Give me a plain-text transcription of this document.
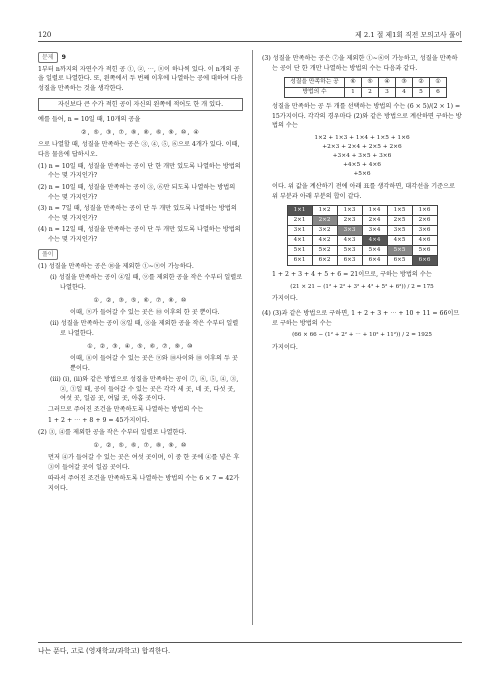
120	제 2.1 절 제1회 직전 모의고사 풀이
문제 9

1부터 n까지의 자연수가 적힌 공 ①, ②, ⋯, ⓝ이 하나씩 있다. 이 n개의 공을 일렬로 나열한다. 또, 왼쪽에서 두 번째 이후에 나열하는 공에 대하여 다음 성질을 만족하는 것을 생각한다.

자신보다 큰 수가 적힌 공이 자신의 왼쪽에 적어도 한 개 있다.

예를 들어, n = 10일 때, 10개의 공을

②, ⑤, ③, ⑦, ⑧, ⑧, ⑥, ⑨, ⑩, ④

으로 나열할 때, 성질을 만족하는 공은 ③, ④, ⑤, ⑥으로 4개가 있다. 이때, 다음 물음에 답하시오.

(1) n = 10일 때, 성질을 만족하는 공이 단 한 개만 있도록 나열하는 방법의 수는 몇 가지인가?

(2) n = 10일 때, 성질을 만족하는 공이 ③, ⑥만 되도록 나열하는 방법의 수는 몇 가지인가?

(3) n = 7일 때, 성질을 만족하는 공이 단 두 개만 있도록 나열하는 방법의 수는 몇 가지인가?

(4) n = 12일 때, 성질을 만족하는 공이 단 두 개만 있도록 나열하는 방법의 수는 몇 가지인가?

풀이

(1) 성질을 만족하는 공은 ⑩을 제외한 ①~⑨이 가능하다.

(i) 성질을 만족하는 공이 ④일 때, ⑨를 제외한 공을 작은 수부터 일렬로 나열한다.

①, ②, ③, ⑤, ⑥, ⑦, ⑧, ⑩

이때, ⑨가 들어갈 수 있는 곳은 ⑩ 이후의 한 곳 뿐이다.

(ii) 성질을 만족하는 공이 ⑧일 때, ⑧을 제외한 공을 작은 수부터 일렬로 나열한다.

①, ②, ③, ④, ⑤, ⑥, ⑦, ⑨, ⑩

이때, ⑧이 들어갈 수 있는 곳은 ⑨와 ⑩사이와 ⑩ 이후의 두 곳 뿐이다.

(iii) (i), (ii)와 같은 방법으로 성질을 만족하는 공이 ⑦, ⑥, ⑤, ④, ③, ②, ①일 때, 공이 들어갈 수 있는 곳은 각각 세 곳, 네 곳, 다섯 곳, 여섯 곳, 일곱 곳, 여덟 곳, 아홉 곳이다.

그러므로 주어진 조건을 만족하도록 나열하는 방법의 수는

1 + 2 + ⋯ + 8 + 9 = 45가지이다.

(2) ③, ④를 제외한 공을 작은 수부터 일렬로 나열한다.

①, ②, ⑤, ⑥, ⑦, ⑧, ⑨, ⑩

먼저 ④가 들어갈 수 있는 곳은 여섯 곳이며, 이 중 한 곳에 ④를 넣은 후 ③이 들어갈 곳이 일곱 곳이다.

따라서 주어진 조건을 만족하도록 나열하는 방법의 수는 6 × 7 = 42가지이다.

(3) 성질을 만족하는 공은 ⑦을 제외한 ①~⑥이 가능하고, 성질을 만족하는 공이 단 한 개만 나열하는 방법의 수는 다음과 같다.

성질을 만족하는 공	⑥	⑤	④	③	②	①
방법의 수	1	2	3	4	5	6

성질을 만족하는 공 두 개를 선택하는 방법의 수는 (6 × 5)/(2 × 1) = 15가지이다. 각각의 경우마다 (2)와 같은 방법으로 계산하면 구하는 방법의 수는

1×2 + 1×3 + 1×4 + 1×5 + 1×6
+2×3 + 2×4 + 2×5 + 2×6
+3×4 + 3×5 + 3×6
+4×5 + 4×6
+5×6

이다. 위 값을 계산하기 전에 아래 표를 생각하면, 대각선을 기준으로 위 부분과 아래 부분의 합이 같다.

1×1	1×2	1×3	1×4	1×5	1×6
2×1	2×2	2×3	2×4	2×5	2×6
3×1	3×2	3×3	3×4	3×5	3×6
4×1	4×2	4×3	4×4	4×5	4×6
5×1	5×2	5×3	5×4	5×5	5×6
6×1	6×2	6×3	6×4	6×5	6×6

1 + 2 + 3 + 4 + 5 + 6 = 21이므로, 구하는 방법의 수는

(21 × 21 − (1² + 2² + 3² + 4² + 5² + 6²)) / 2 = 175

가지이다.

(4) (3)과 같은 방법으로 구하면, 1 + 2 + 3 + ⋯ + 10 + 11 = 66이므로 구하는 방법의 수는

(66 × 66 − (1² + 2² + ⋯ + 10² + 11²)) / 2 = 1925

가지이다.

나는 푼다, 고로 (영재학교/과학고) 합격한다.
